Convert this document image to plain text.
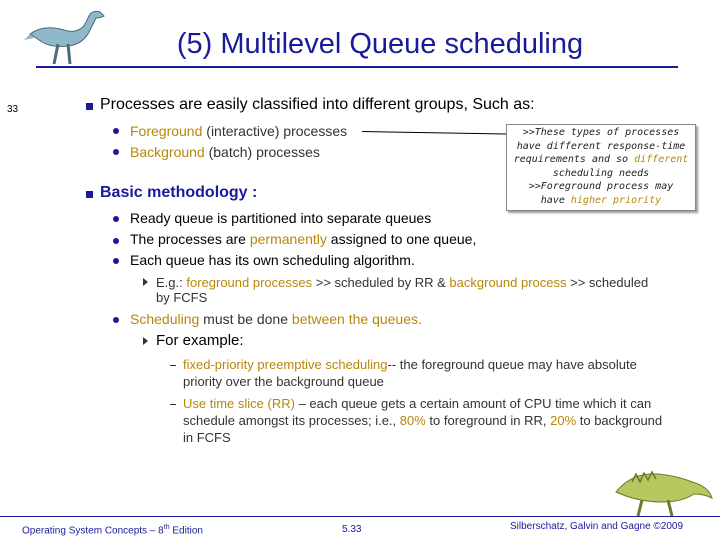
(5) Multilevel Queue scheduling
33	Processes are easily classified into different groups, Such as:
Foreground (interactive) processes
Background (batch) processes
>>These types of processes
have different response-time
requirements and so different
scheduling needs
>>Foreground process may
have higher priority
Basic methodology :
Ready queue is partitioned into separate queues
The processes are permanently assigned to one queue,
Each queue has its own scheduling algorithm.
E.g.: foreground processes >> scheduled by RR & background process >> scheduled
by FCFS
Scheduling must be done between the queues.
For example:
fixed-priority preemptive scheduling-- the foreground queue may have absolute
priority over the background queue
Use time slice (RR) – each queue gets a certain amount of CPU time which it can
schedule amongst its processes; i.e., 80% to foreground in RR, 20% to background
in FCFS
Operating System Concepts – 8th Edition	5.33	Silberschatz, Galvin and Gagne ©2009
